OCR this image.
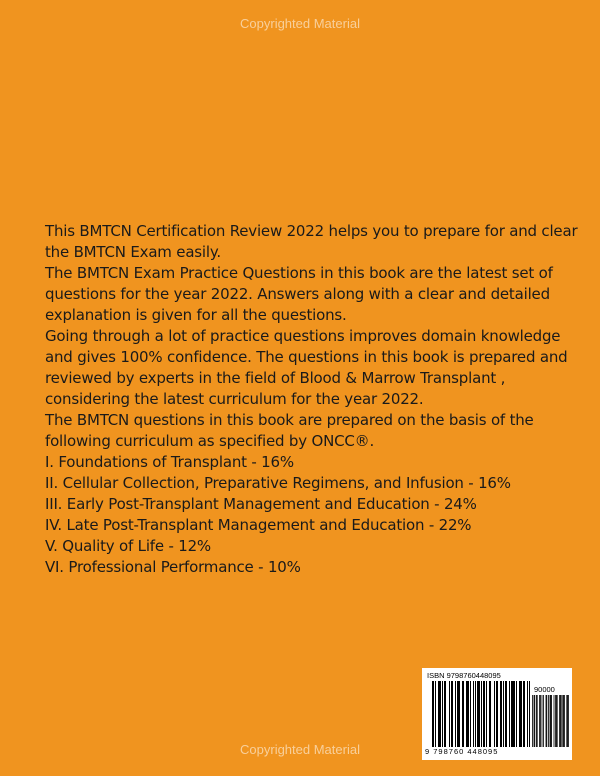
Copyrighted Material

This BMTCN Certification Review 2022 helps you to prepare for and clear the BMTCN Exam easily.

The BMTCN Exam Practice Questions in this book are the latest set of questions for the year 2022. Answers along with a clear and detailed explanation is given for all the questions.

Going through a lot of practice questions improves domain knowledge and gives 100% confidence. The questions in this book is prepared and reviewed by experts in the field of Blood & Marrow Transplant , considering the latest curriculum for the year 2022.

The BMTCN questions in this book are prepared on the basis of the following curriculum as specified by ONCC®.

I. Foundations of Transplant - 16%
II. Cellular Collection, Preparative Regimens, and Infusion - 16%
III. Early Post-Transplant Management and Education - 24%
IV. Late Post-Transplant Management and Education - 22%
V. Quality of Life - 12%
VI. Professional Performance - 10%
ISBN 9798760448095
90000
9 798760 448095
Copyrighted Material
